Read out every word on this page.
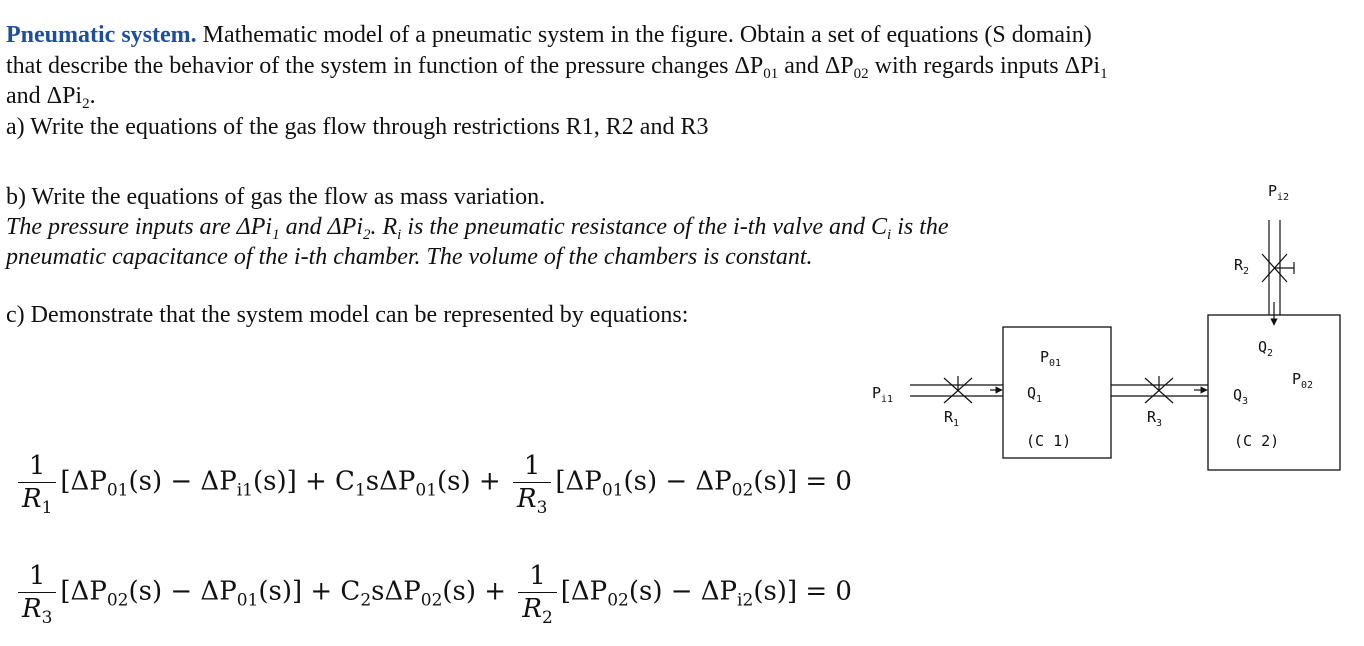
Pneumatic system. Mathematic model of a pneumatic system in the figure. Obtain a set of equations (S domain)
that describe the behavior of the system in function of the pressure changes $\Delta P_{01}$ and $\Delta P_{02}$ with regards inputs ΔPi$_1$
and ΔPi$_2$.
a) Write the equations of the gas flow through restrictions R1, R2 and R3
b) Write the equations of gas the flow as mass variation.
The pressure inputs are ΔPi$_1$ and ΔPi$_2$. $R_i$ is the pneumatic resistance of the i-th valve and $C_i$ is the
pneumatic capacitance of the i-th chamber. The volume of the chambers is constant.
c) Demonstrate that the system model can be represented by equations:
$\frac{1}{R_1} [\Delta P_{01}(s) - \Delta P_{i1}(s)] + C_1s\Delta P_{01}(s) + \frac{1}{R_3} [\Delta P_{01}(s) - \Delta P_{02}(s)] = 0$
$\frac{1}{R_3} [\Delta P_{02}(s) - \Delta P_{01}(s)] + C_2s\Delta P_{02}(s) + \frac{1}{R_2} [\Delta P_{02}(s) - \Delta P_{i2}(s)] = 0$
$P_{i1}$
$R_1$
$P_{01}$
$Q_1$
(C 1)
$R_3$
$Q_3$
(C 2)
$P_{02}$
$Q_2$
$R_2$
$P_{i2}$
